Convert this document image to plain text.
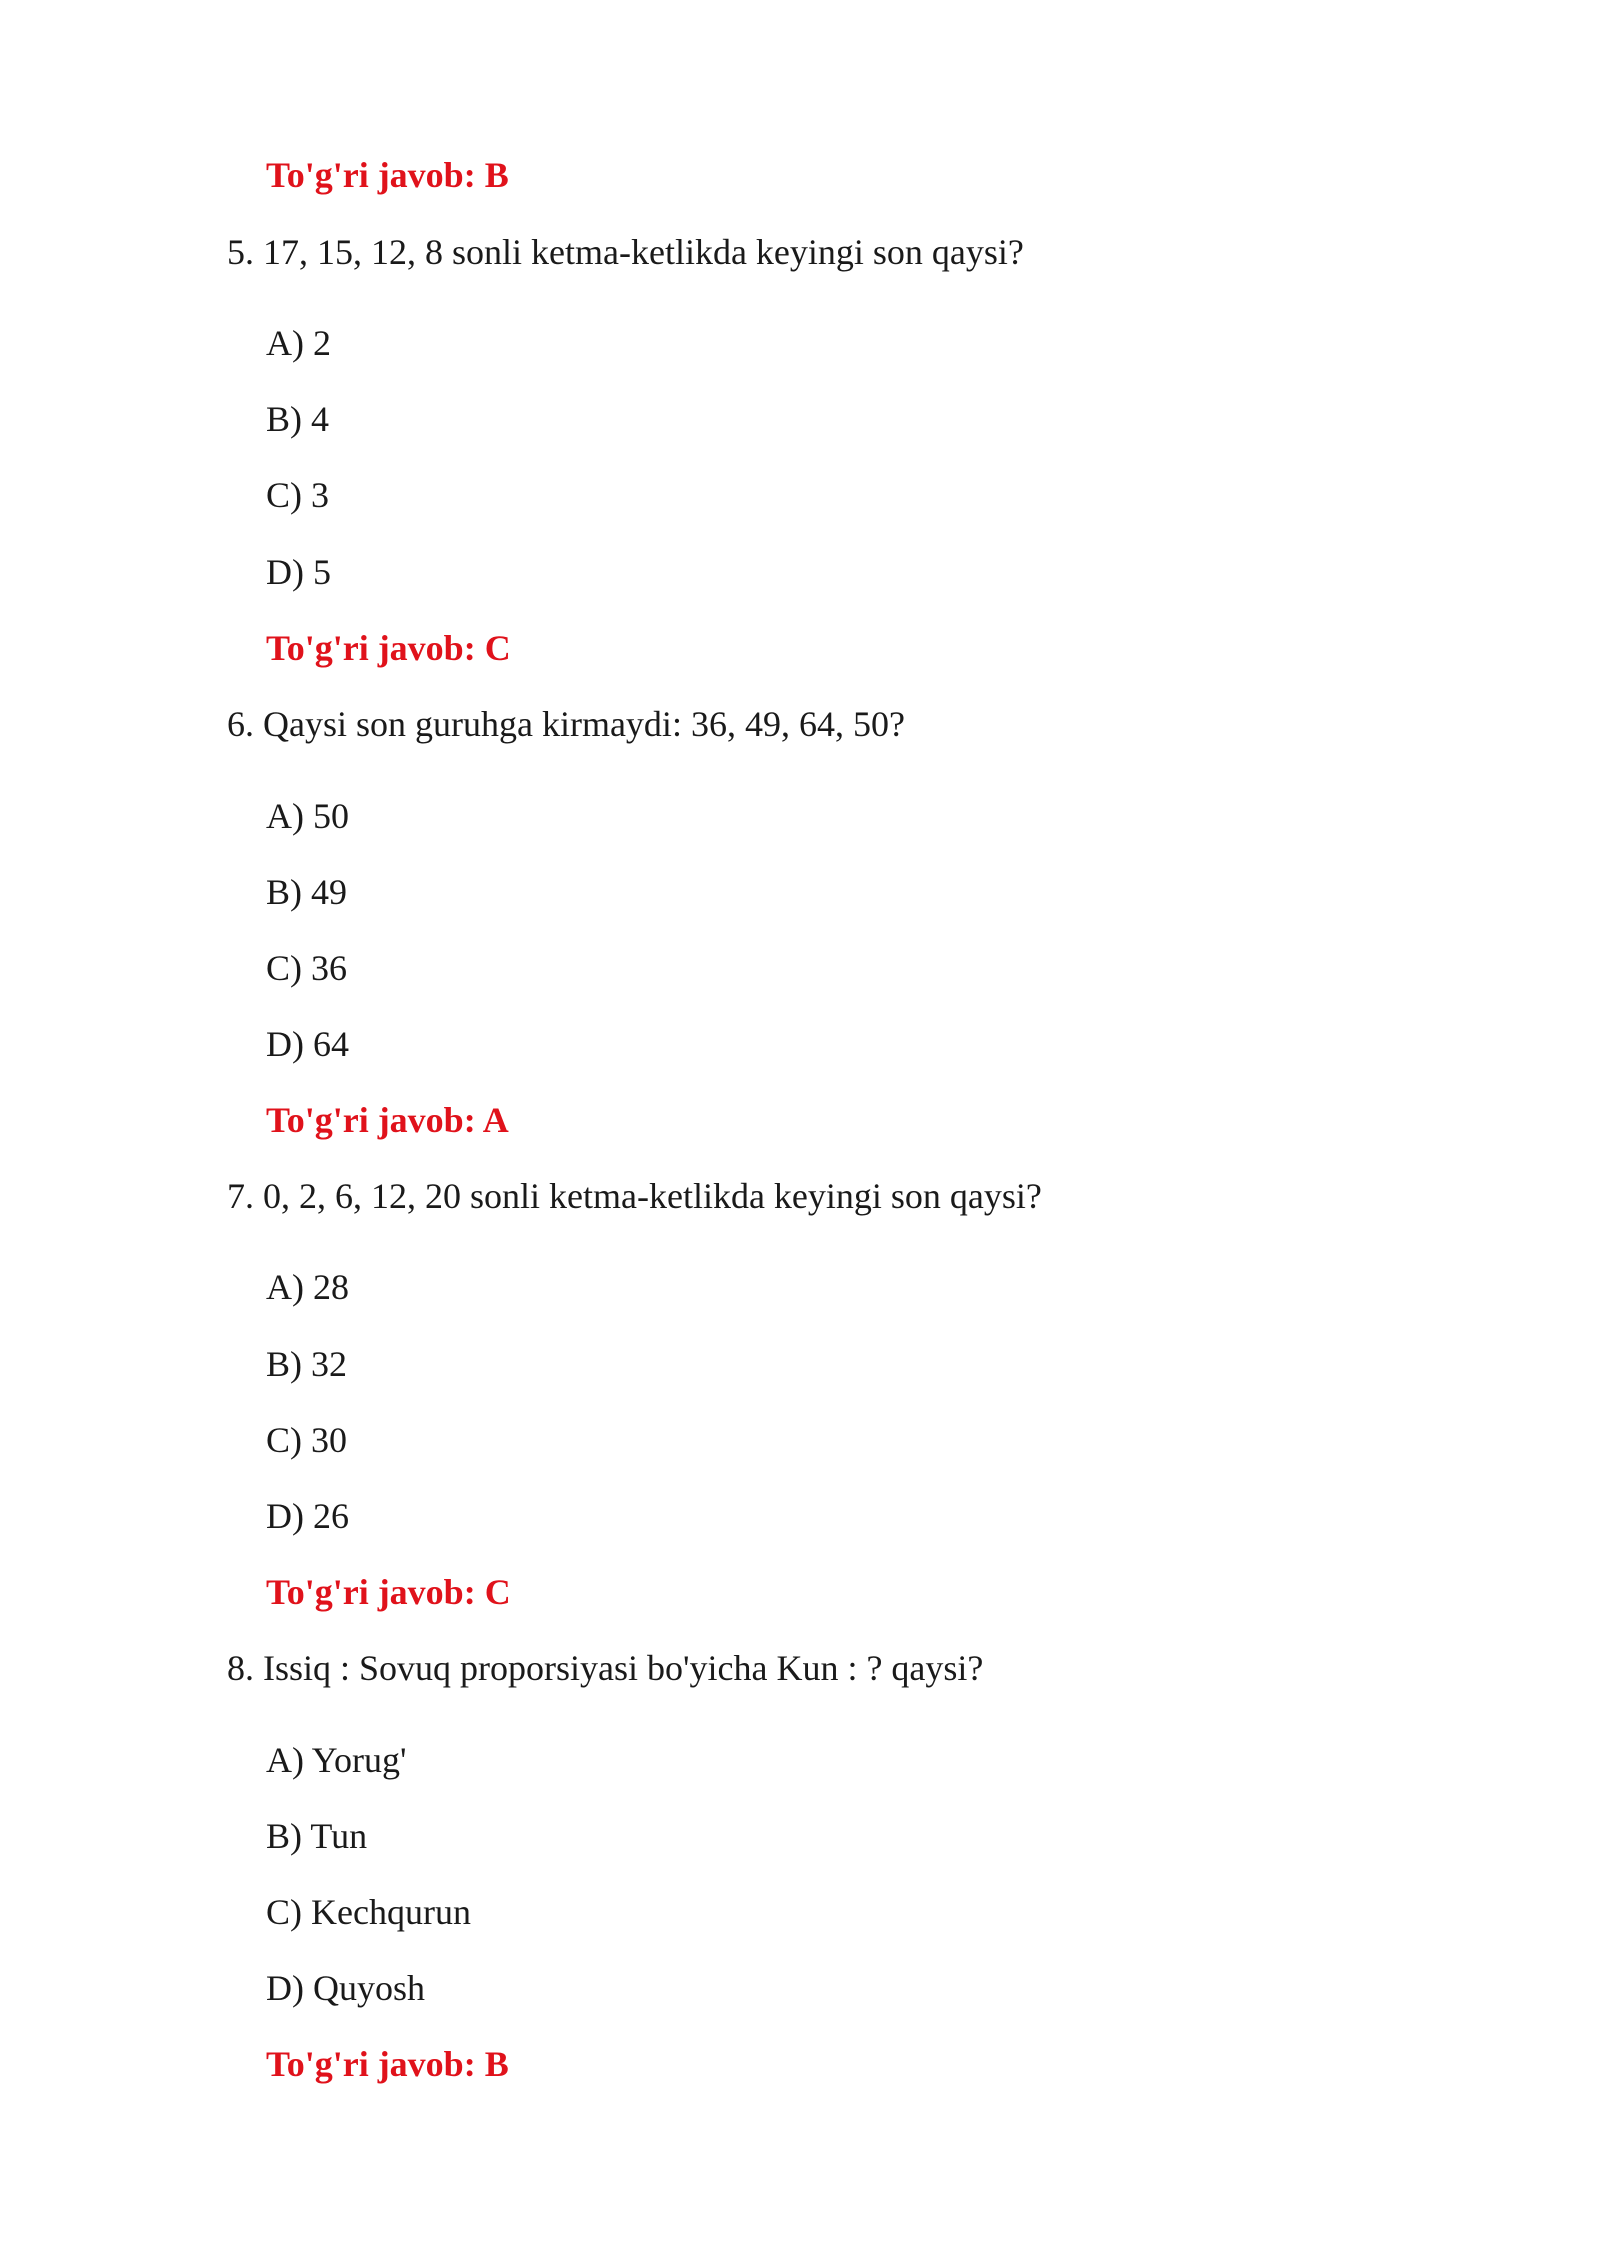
To'g'ri javob: B
5. 17, 15, 12, 8 sonli ketma-ketlikda keyingi son qaysi?
A) 2
B) 4
C) 3
D) 5
To'g'ri javob: C
6. Qaysi son guruhga kirmaydi: 36, 49, 64, 50?
A) 50
B) 49
C) 36
D) 64
To'g'ri javob: A
7. 0, 2, 6, 12, 20 sonli ketma-ketlikda keyingi son qaysi?
A) 28
B) 32
C) 30
D) 26
To'g'ri javob: C
8. Issiq : Sovuq proporsiyasi bo'yicha Kun : ? qaysi?
A) Yorug'
B) Tun
C) Kechqurun
D) Quyosh
To'g'ri javob: B
